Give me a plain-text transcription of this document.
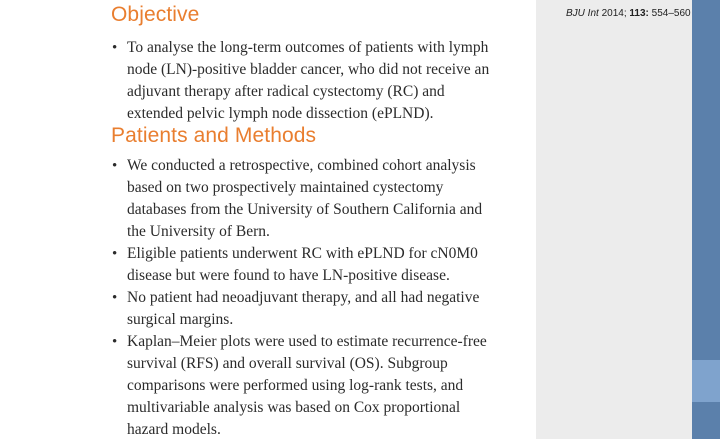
Objective
• To analyse the long-term outcomes of patients with lymph
node (LN)-positive bladder cancer, who did not receive an
adjuvant therapy after radical cystectomy (RC) and
extended pelvic lymph node dissection (ePLND).
Patients and Methods
• We conducted a retrospective, combined cohort analysis
based on two prospectively maintained cystectomy
databases from the University of Southern California and
the University of Bern.
• Eligible patients underwent RC with ePLND for cN0M0
disease but were found to have LN-positive disease.
• No patient had neoadjuvant therapy, and all had negative
surgical margins.
• Kaplan–Meier plots were used to estimate recurrence-free
survival (RFS) and overall survival (OS). Subgroup
comparisons were performed using log-rank tests, and
multivariable analysis was based on Cox proportional
hazard models.

BJU Int 2014; 113: 554–560
